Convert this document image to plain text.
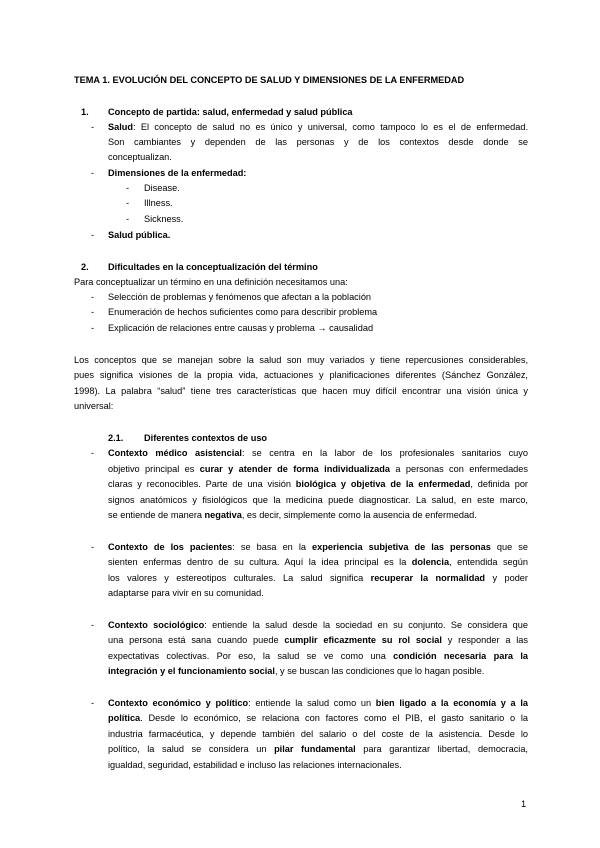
TEMA 1. EVOLUCIÓN DEL CONCEPTO DE SALUD Y DIMENSIONES DE LA ENFERMEDAD
1. Concepto de partida: salud, enfermedad y salud pública
- Salud: El concepto de salud no es único y universal, como tampoco lo es el de enfermedad.
Son cambiantes y dependen de las personas y de los contextos desde donde se
conceptualizan.
- Dimensiones de la enfermedad:
- Disease.
- Illness.
- Sickness.
- Salud pública.
2. Dificultades en la conceptualización del término
Para conceptualizar un término en una definición necesitamos una:
- Selección de problemas y fenómenos que afectan a la población
- Enumeración de hechos suficientes como para describir problema
- Explicación de relaciones entre causas y problema → causalidad
Los conceptos que se manejan sobre la salud son muy variados y tiene repercusiones considerables,
pues significa visiones de la propia vida, actuaciones y planificaciones diferentes (Sánchez González,
1998). La palabra “salud” tiene tres características que hacen muy difícil encontrar una visión única y
universal:
2.1. Diferentes contextos de uso
- Contexto médico asistencial: se centra en la labor de los profesionales sanitarios cuyo
objetivo principal es curar y atender de forma individualizada a personas con enfermedades
claras y reconocibles. Parte de una visión biológica y objetiva de la enfermedad, definida por
signos anatómicos y fisiológicos que la medicina puede diagnosticar. La salud, en este marco,
se entiende de manera negativa, es decir, simplemente como la ausencia de enfermedad.
- Contexto de los pacientes: se basa en la experiencia subjetiva de las personas que se
sienten enfermas dentro de su cultura. Aquí la idea principal es la dolencia, entendida según
los valores y estereotipos culturales. La salud significa recuperar la normalidad y poder
adaptarse para vivir en su comunidad.
- Contexto sociológico: entiende la salud desde la sociedad en su conjunto. Se considera que
una persona está sana cuando puede cumplir eficazmente su rol social y responder a las
expectativas colectivas. Por eso, la salud se ve como una condición necesaria para la
integración y el funcionamiento social, y se buscan las condiciones que lo hagan posible.
- Contexto económico y político: entiende la salud como un bien ligado a la economía y a la
política. Desde lo económico, se relaciona con factores como el PIB, el gasto sanitario o la
industria farmacéutica, y depende también del salario o del coste de la asistencia. Desde lo
político, la salud se considera un pilar fundamental para garantizar libertad, democracia,
igualdad, seguridad, estabilidad e incluso las relaciones internacionales.
1
